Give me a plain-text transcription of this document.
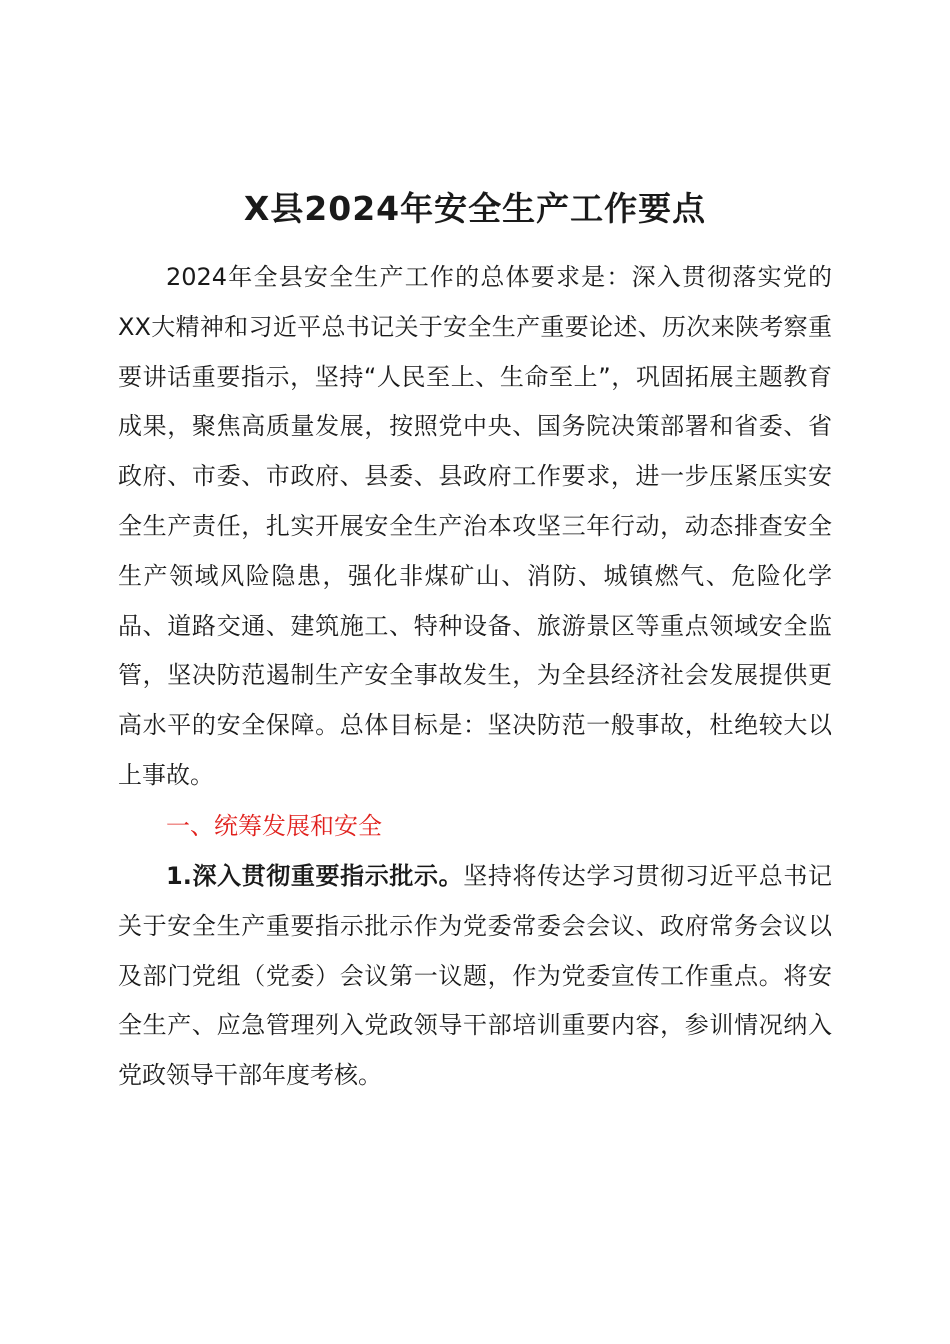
X县2024年安全生产工作要点

2024年全县安全生产工作的总体要求是：深入贯彻落实党的XX大精神和习近平总书记关于安全生产重要论述、历次来陕考察重要讲话重要指示，坚持“人民至上、生命至上”，巩固拓展主题教育成果，聚焦高质量发展，按照党中央、国务院决策部署和省委、省政府、市委、市政府、县委、县政府工作要求，进一步压紧压实安全生产责任，扎实开展安全生产治本攻坚三年行动，动态排查安全生产领域风险隐患，强化非煤矿山、消防、城镇燃气、危险化学品、道路交通、建筑施工、特种设备、旅游景区等重点领域安全监管，坚决防范遏制生产安全事故发生，为全县经济社会发展提供更高水平的安全保障。总体目标是：坚决防范一般事故，杜绝较大以上事故。

一、统筹发展和安全

1.深入贯彻重要指示批示。坚持将传达学习贯彻习近平总书记关于安全生产重要指示批示作为党委常委会会议、政府常务会议以及部门党组（党委）会议第一议题，作为党委宣传工作重点。将安全生产、应急管理列入党政领导干部培训重要内容，参训情况纳入党政领导干部年度考核。
